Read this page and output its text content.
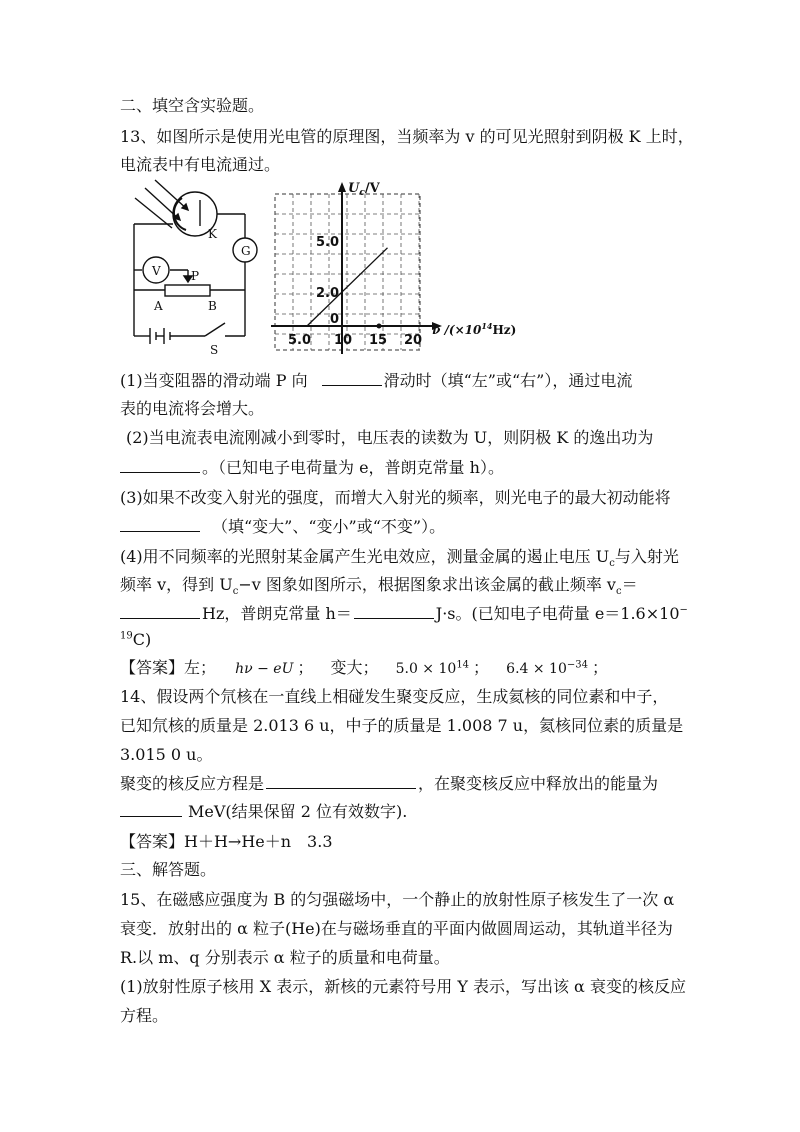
二、填空含实验题。
13、如图所示是使用光电管的原理图，当频率为 v 的可见光照射到阴极 K 上时，
电流表中有电流通过。
K
G
V	P
A	B
S
5.0 10 15 20
5.0
2.0
0
$U_c/V$
ν $/(\times 10^{14}Hz)$
(1)当变阻器的滑动端 P 向	滑动时（填“左”或“右”），通过电流
表的电流将会增大。
(2)当电流表电流刚减小到零时，电压表的读数为 U，则阴极 K 的逸出功为
。（已知电子电荷量为 e，普朗克常量 h）。
(3)如果不改变入射光的强度，而增大入射光的频率，则光电子的最大初动能将
（填“变大”、“变小”或“不变”）。
(4)用不同频率的光照射某金属产生光电效应，测量金属的遏止电压 $U_c$与入射光
频率 v，得到 $U_c-v$ 图象如图所示，根据图象求出该金属的截止频率 $v_c=$
Hz，普朗克常量 h＝	J·s。(已知电子电荷量 e＝1.6×10−
$^{19}$C)
【答案】左； hν − eU ； 变大； $5.0 \times 10^{14}$ ； $6.4 \times 10^{-34}$ ；
14、假设两个氘核在一直线上相碰发生聚变反应，生成氦核的同位素和中子，
已知氘核的质量是 2.013 6 u，中子的质量是 1.008 7 u，氦核同位素的质量是
3.015 0 u。
聚变的核反应方程是	，在聚变核反应中释放出的能量为
MeV(结果保留 2 位有效数字).
【答案】H＋H→He＋n　3.3
三、解答题。
15、在磁感应强度为 B 的匀强磁场中，一个静止的放射性原子核发生了一次 α
衰变．放射出的 α 粒子(He)在与磁场垂直的平面内做圆周运动，其轨道半径为
R.以 m、q 分别表示 α 粒子的质量和电荷量。
(1)放射性原子核用 X 表示，新核的元素符号用 Y 表示，写出该 α 衰变的核反应
方程。
